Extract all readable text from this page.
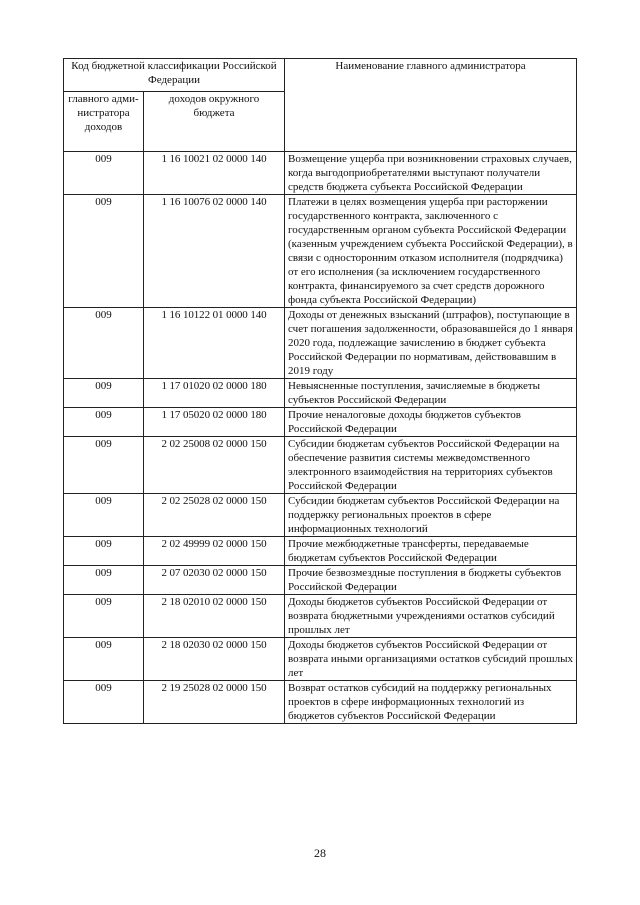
Код бюджетной классификации Российской Федерации		Наименование главного администратора
главного адми-нистратора доходов	доходов окружного бюджета	
009	1 16 10021 02 0000 140	Возмещение ущерба при возникновении страховых случаев, когда выгодоприобретателями выступают получатели средств бюджета субъекта Российской Федерации
009	1 16 10076 02 0000 140	Платежи в целях возмещения ущерба при расторжении государственного контракта, заключенного с государственным органом субъекта Российской Федерации (казенным учреждением субъекта Российской Федерации), в связи с односторонним отказом исполнителя (подрядчика) от его исполнения (за исключением государственного контракта, финансируемого за счет средств дорожного фонда субъекта Российской Федерации)
009	1 16 10122 01 0000 140	Доходы от денежных взысканий (штрафов), поступающие в счет погашения задолженности, образовавшейся до 1 января 2020 года, подлежащие зачислению в бюджет субъекта Российской Федерации по нормативам, действовавшим в 2019 году
009	1 17 01020 02 0000 180	Невыясненные поступления, зачисляемые в бюджеты субъектов Российской Федерации
009	1 17 05020 02 0000 180	Прочие неналоговые доходы бюджетов субъектов Российской Федерации
009	2 02 25008 02 0000 150	Субсидии бюджетам субъектов Российской Федерации на обеспечение развития системы межведомственного электронного взаимодействия на территориях субъектов Российской Федерации
009	2 02 25028 02 0000 150	Субсидии бюджетам субъектов Российской Федерации на поддержку региональных проектов в сфере информационных технологий
009	2 02 49999 02 0000 150	Прочие межбюджетные трансферты, передаваемые бюджетам субъектов Российской Федерации
009	2 07 02030 02 0000 150	Прочие безвозмездные поступления в бюджеты субъектов Российской Федерации
009	2 18 02010 02 0000 150	Доходы бюджетов субъектов Российской Федерации от возврата бюджетными учреждениями остатков субсидий прошлых лет
009	2 18 02030 02 0000 150	Доходы бюджетов субъектов Российской Федерации от возврата иными организациями остатков субсидий прошлых лет
009	2 19 25028 02 0000 150	Возврат остатков субсидий на поддержку региональных проектов в сфере информационных технологий из бюджетов субъектов Российской Федерации
28
